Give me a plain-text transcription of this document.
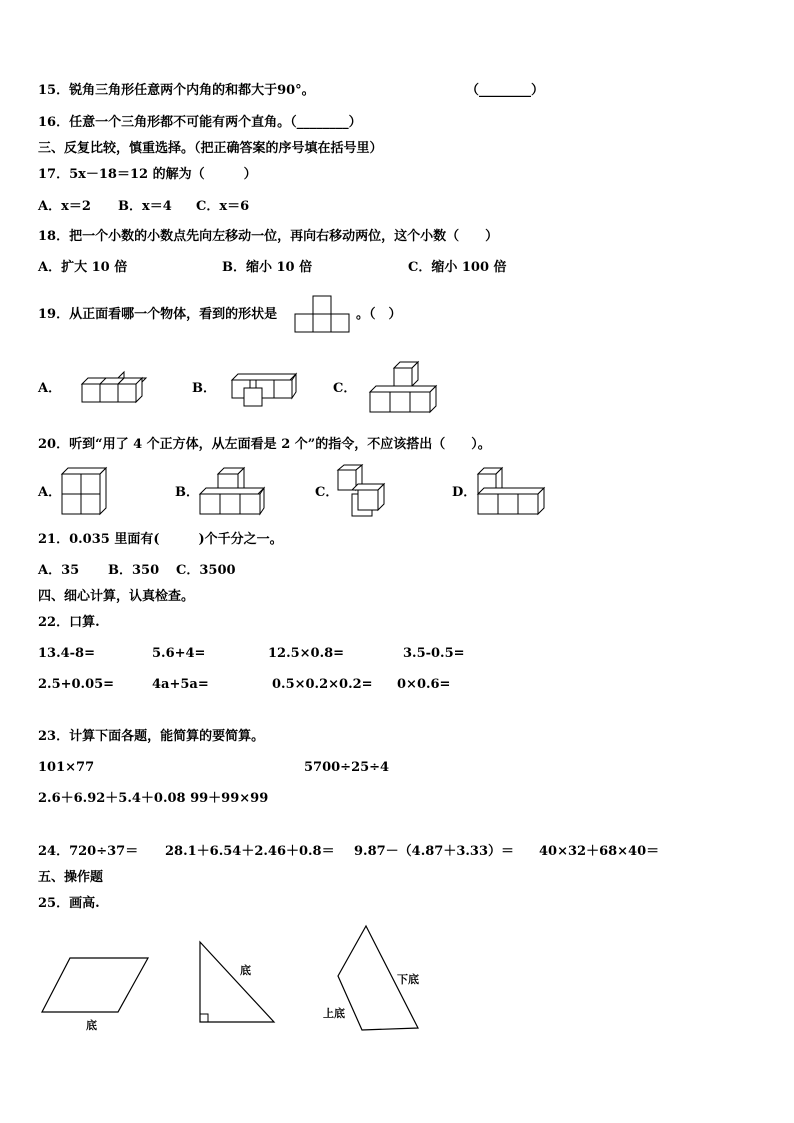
15．锐角三角形任意两个内角的和都大于90°。	（________）
16．任意一个三角形都不可能有两个直角。（________）
三、反复比较，慎重选择。（把正确答案的序号填在括号里）
17．5x－18＝12 的解为（　　　）
A．x＝2 B．x＝4 C．x＝6
18．把一个小数的小数点先向左移动一位，再向右移动两位，这个小数（　　）
A．扩大 10 倍	B．缩小 10 倍	C．缩小 100 倍
19．从正面看哪一个物体，看到的形状是	。（　）
A．	B．	C．
20．听到“用了 4 个正方体，从左面看是 2 个”的指令，不应该搭出（　　）。
A．	B．	C．	D．
21．0.035 里面有(　　　)个千分之一。
A．35 B．350 C．3500
四、细心计算，认真检查。
22．口算.
13.4-8=	5.6+4=	12.5×0.8=	3.5-0.5=
2.5+0.05=	4a+5a=	0.5×0.2×0.2= 0×0.6=
23．计算下面各题，能简算的要简算。
101×77	5700÷25÷4
2.6＋6.92＋5.4＋0.08 99＋99×99
24．720÷37＝ 28.1＋6.54＋2.46＋0.8＝ 9.87－（4.87＋3.33）＝ 40×32＋68×40＝
五、操作题
25．画高.
底
底
下底
上底
